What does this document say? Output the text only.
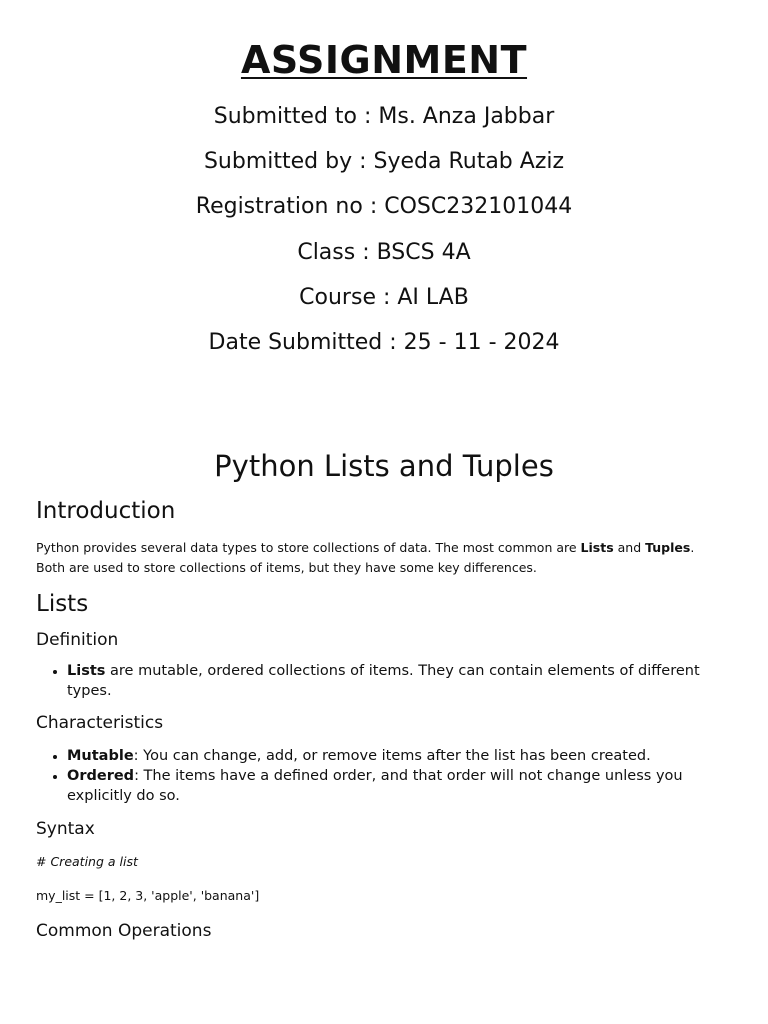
ASSIGNMENT

Submitted to : Ms. Anza Jabbar

Submitted by : Syeda Rutab Aziz

Registration no : COSC232101044

Class : BSCS 4A

Course : AI LAB

Date Submitted : 25 - 11 - 2024

Python Lists and Tuples
Introduction

Python provides several data types to store collections of data. The most common are Lists and Tuples. Both are used to store collections of items, but they have some key differences.

Lists
Definition
• Lists are mutable, ordered collections of items. They can contain elements of different types.
Characteristics
• Mutable: You can change, add, or remove items after the list has been created.
• Ordered: The items have a defined order, and that order will not change unless you explicitly do so.
Syntax

# Creating a list

my_list = [1, 2, 3, 'apple', 'banana']

Common Operations
